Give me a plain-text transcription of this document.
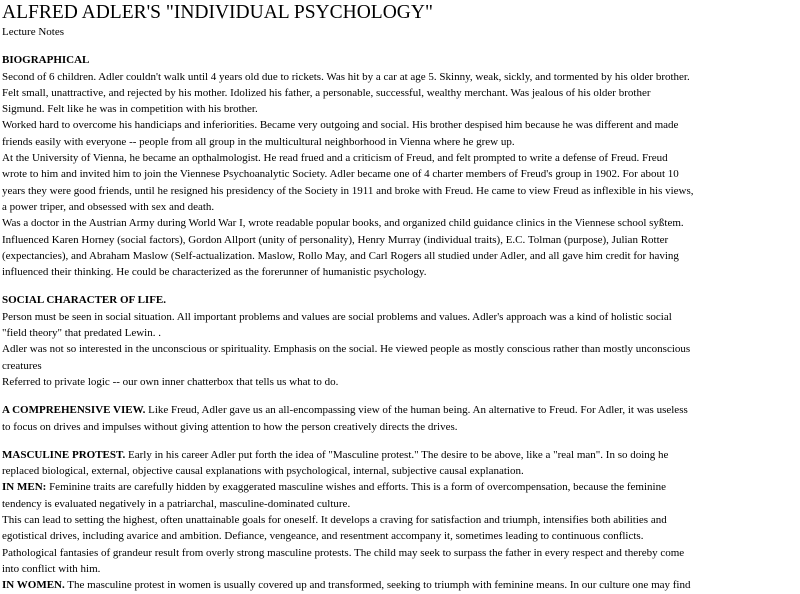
ALFRED ADLER'S "INDIVIDUAL PSYCHOLOGY"
Lecture Notes
BIOGRAPHICAL
Second of 6 children. Adler couldn't walk until 4 years old due to rickets. Was hit by a car at age 5. Skinny, weak, sickly, and tormented by his older brother.
Felt small, unattractive, and rejected by his mother. Idolized his father, a personable, successful, wealthy merchant. Was jealous of his older brother
Sigmund. Felt like he was in competition with his brother.
Worked hard to overcome his handiciaps and inferiorities. Became very outgoing and social. His brother despised him because he was different and made
friends easily with everyone -- people from all group in the multicultural neighborhood in Vienna where he grew up.
At the University of Vienna, he became an opthalmologist. He read frued and a criticism of Freud, and felt prompted to write a defense of Freud. Freud
wrote to him and invited him to join the Viennese Psychoanalytic Society. Adler became one of 4 charter members of Freud's group in 1902. For about 10
years they were good friends, until he resigned his presidency of the Society in 1911 and broke with Freud. He came to view Freud as inflexible in his views,
a power triper, and obsessed with sex and death.
Was a doctor in the Austrian Army during World War I, wrote readable popular books, and organized child guidance clinics in the Viennese school syßtem.
Influenced Karen Horney (social factors), Gordon Allport (unity of personality), Henry Murray (individual traits), E.C. Tolman (purpose), Julian Rotter
(expectancies), and Abraham Maslow (Self-actualization. Maslow, Rollo May, and Carl Rogers all studied under Adler, and all gave him credit for having
influenced their thinking. He could be characterized as the forerunner of humanistic psychology.
SOCIAL CHARACTER OF LIFE.
Person must be seen in social situation. All important problems and values are social problems and values. Adler's approach was a kind of holistic social
"field theory" that predated Lewin. .
Adler was not so interested in the unconscious or spirituality. Emphasis on the social. He viewed people as mostly conscious rather than mostly unconscious
creatures
Referred to private logic -- our own inner chatterbox that tells us what to do.
A COMPREHENSIVE VIEW. Like Freud, Adler gave us an all-encompassing view of the human being. An alternative to Freud. For Adler, it was useless
to focus on drives and impulses without giving attention to how the person creatively directs the drives.
MASCULINE PROTEST. Early in his career Adler put forth the idea of "Masculine protest." The desire to be above, like a "real man". In so doing he
replaced biological, external, objective causal explanations with psychological, internal, subjective causal explanation.
IN MEN: Feminine traits are carefully hidden by exaggerated masculine wishes and efforts. This is a form of overcompensation, because the feminine
tendency is evaluated negatively in a patriarchal, masculine-dominated culture.
This can lead to setting the highest, often unattainable goals for oneself. It develops a craving for satisfaction and triumph, intensifies both abilities and
egotistical drives, including avarice and ambition. Defiance, vengeance, and resentment accompany it, sometimes leading to continuous conflicts.
Pathological fantasies of grandeur result from overly strong masculine protests. The child may seek to surpass the father in every respect and thereby come
into conflict with him.
IN WOMEN. The masculine protest in women is usually covered up and transformed, seeking to triumph with feminine means. In our culture one may find
